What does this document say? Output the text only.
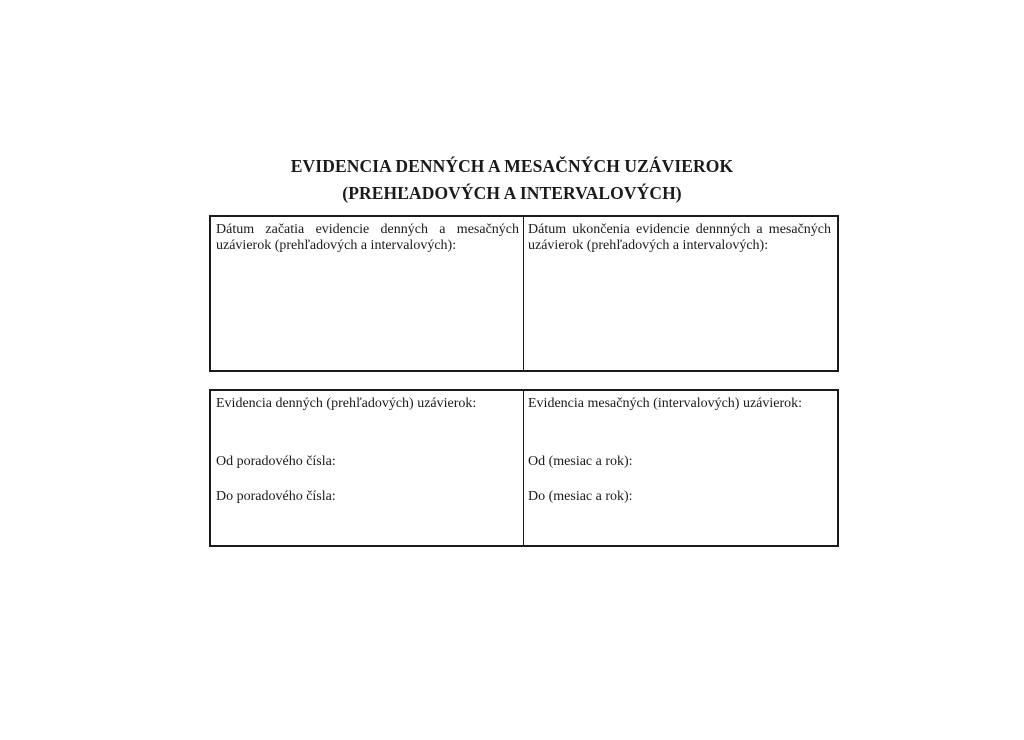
EVIDENCIA DENNÝCH A MESAČNÝCH UZÁVIEROK
(PREHĽADOVÝCH A INTERVALOVÝCH)
Dátum začatia evidencie denných a mesačných uzávierok (prehľadových a intervalových):
Dátum ukončenia evidencie dennných a mesačných uzávierok (prehľadových a intervalových):
Evidencia denných (prehľadových) uzávierok:
Od poradového čísla:
Do poradového čísla:
Evidencia mesačných (intervalových) uzávierok:
Od (mesiac a rok):
Do (mesiac a rok):
